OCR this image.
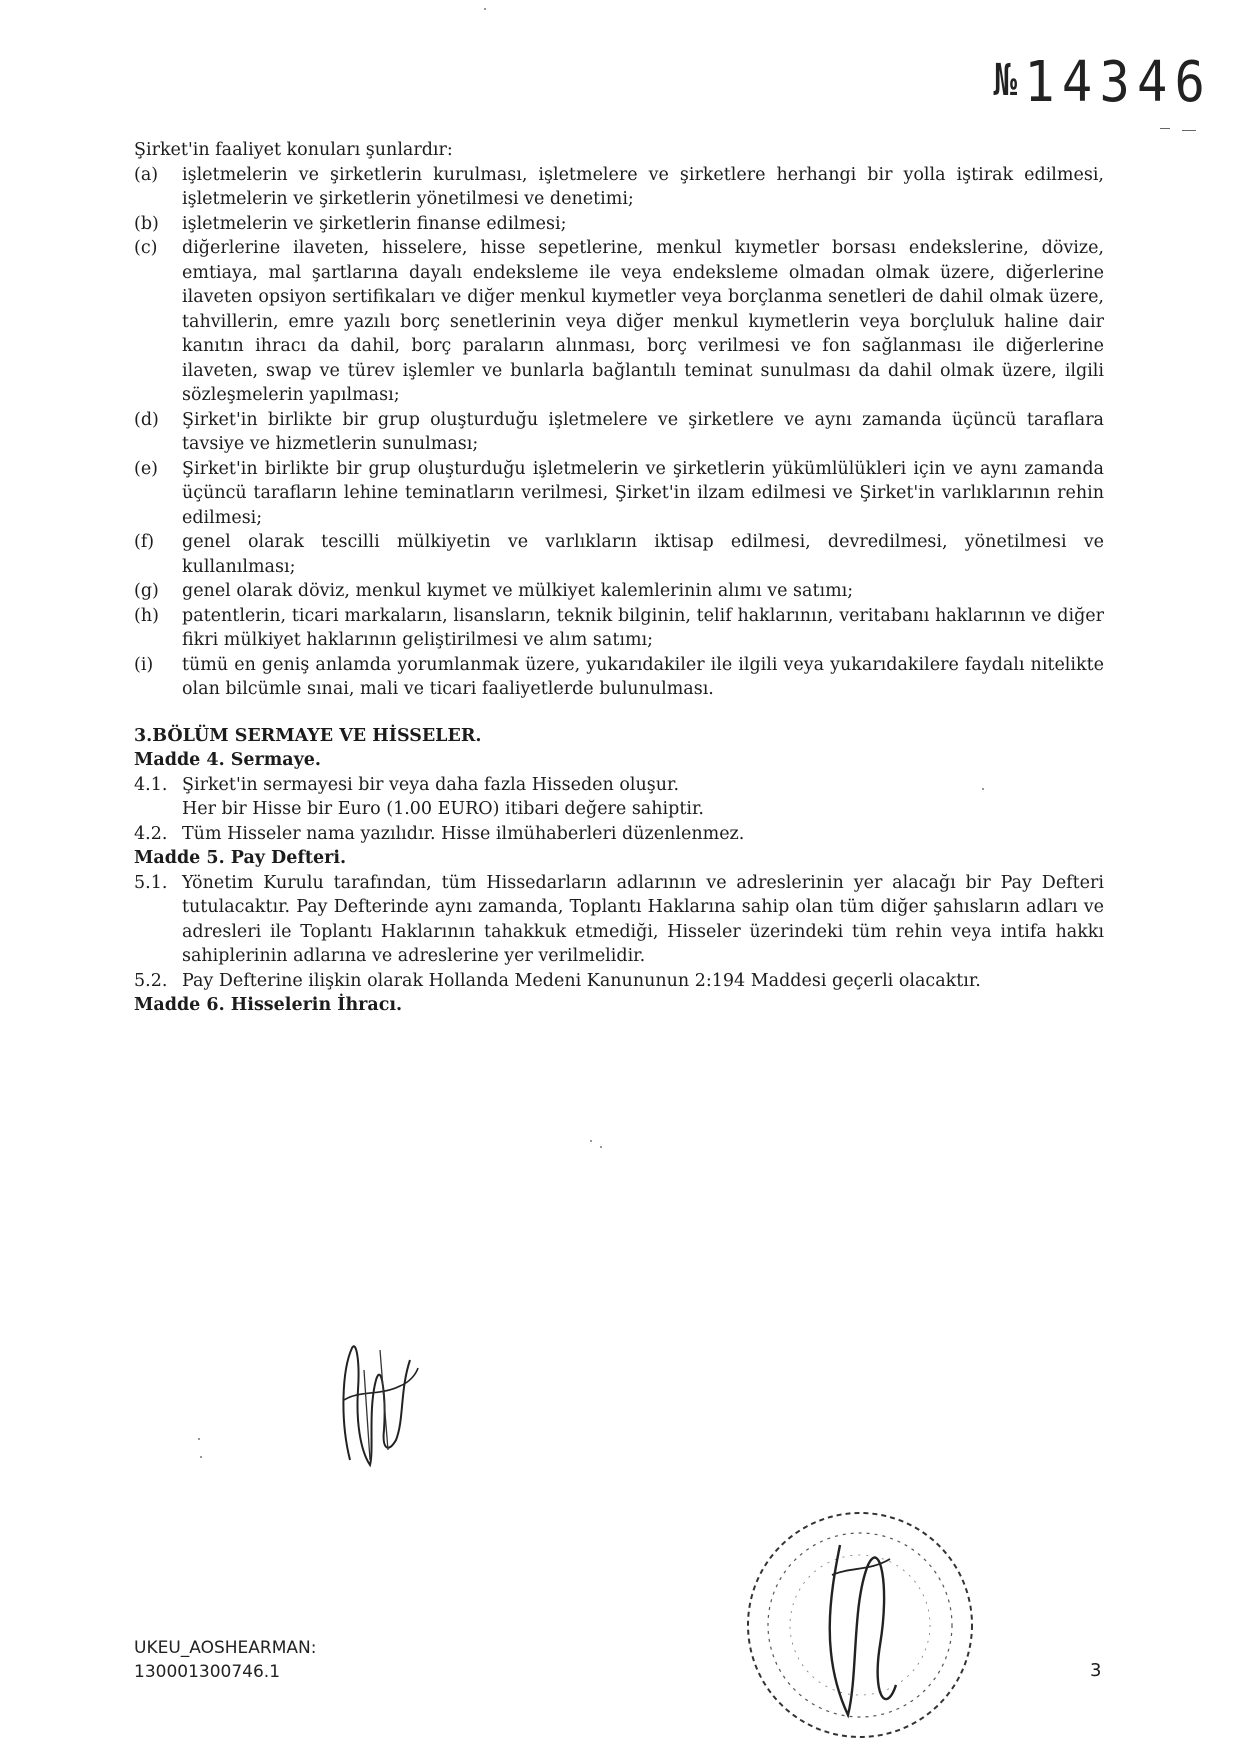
№ 14346

Şirket'in faaliyet konuları şunlardır:

(a)	işletmelerin ve şirketlerin kurulması, işletmelere ve şirketlere herhangi bir yolla iştirak edilmesi, işletmelerin ve şirketlerin yönetilmesi ve denetimi;
(b)	işletmelerin ve şirketlerin finanse edilmesi;
(c)	diğerlerine ilaveten, hisselere, hisse sepetlerine, menkul kıymetler borsası endekslerine, dövize, emtiaya, mal şartlarına dayalı endeksleme ile veya endeksleme olmadan olmak üzere, diğerlerine ilaveten opsiyon sertifikaları ve diğer menkul kıymetler veya borçlanma senetleri de dahil olmak üzere, tahvillerin, emre yazılı borç senetlerinin veya diğer menkul kıymetlerin veya borçluluk haline dair kanıtın ihracı da dahil, borç paraların alınması, borç verilmesi ve fon sağlanması ile diğerlerine ilaveten, swap ve türev işlemler ve bunlarla bağlantılı teminat sunulması da dahil olmak üzere, ilgili sözleşmelerin yapılması;
(d)	Şirket'in birlikte bir grup oluşturduğu işletmelere ve şirketlere ve aynı zamanda üçüncü taraflara tavsiye ve hizmetlerin sunulması;
(e)	Şirket'in birlikte bir grup oluşturduğu işletmelerin ve şirketlerin yükümlülükleri için ve aynı zamanda üçüncü tarafların lehine teminatların verilmesi, Şirket'in ilzam edilmesi ve Şirket'in varlıklarının rehin edilmesi;
(f)	genel olarak tescilli mülkiyetin ve varlıkların iktisap edilmesi, devredilmesi, yönetilmesi ve kullanılması;
(g)	genel olarak döviz, menkul kıymet ve mülkiyet kalemlerinin alımı ve satımı;
(h)	patentlerin, ticari markaların, lisansların, teknik bilginin, telif haklarının, veritabanı haklarının ve diğer fikri mülkiyet haklarının geliştirilmesi ve alım satımı;
(i)	tümü en geniş anlamda yorumlanmak üzere, yukarıdakiler ile ilgili veya yukarıdakilere faydalı nitelikte olan bilcümle sınai, mali ve ticari faaliyetlerde bulunulması.
3.BÖLÜM SERMAYE VE HİSSELER.
Madde 4. Sermaye.
4.1. Şirket'in sermayesi bir veya daha fazla Hisseden oluşur.
Her bir Hisse bir Euro (1.00 EURO) itibari değere sahiptir.
4.2. Tüm Hisseler nama yazılıdır. Hisse ilmühaberleri düzenlenmez.
Madde 5. Pay Defteri.
5.1. Yönetim Kurulu tarafından, tüm Hissedarların adlarının ve adreslerinin yer alacağı bir Pay Defteri tutulacaktır. Pay Defterinde aynı zamanda, Toplantı Haklarına sahip olan tüm diğer şahısların adları ve adresleri ile Toplantı Haklarının tahakkuk etmediği, Hisseler üzerindeki tüm rehin veya intifa hakkı sahiplerinin adlarına ve adreslerine yer verilmelidir.
5.2. Pay Defterine ilişkin olarak Hollanda Medeni Kanununun 2:194 Maddesi geçerli olacaktır.
Madde 6. Hisselerin İhracı.
UKEU_AOSHEARMAN:
130001300746.1	3
